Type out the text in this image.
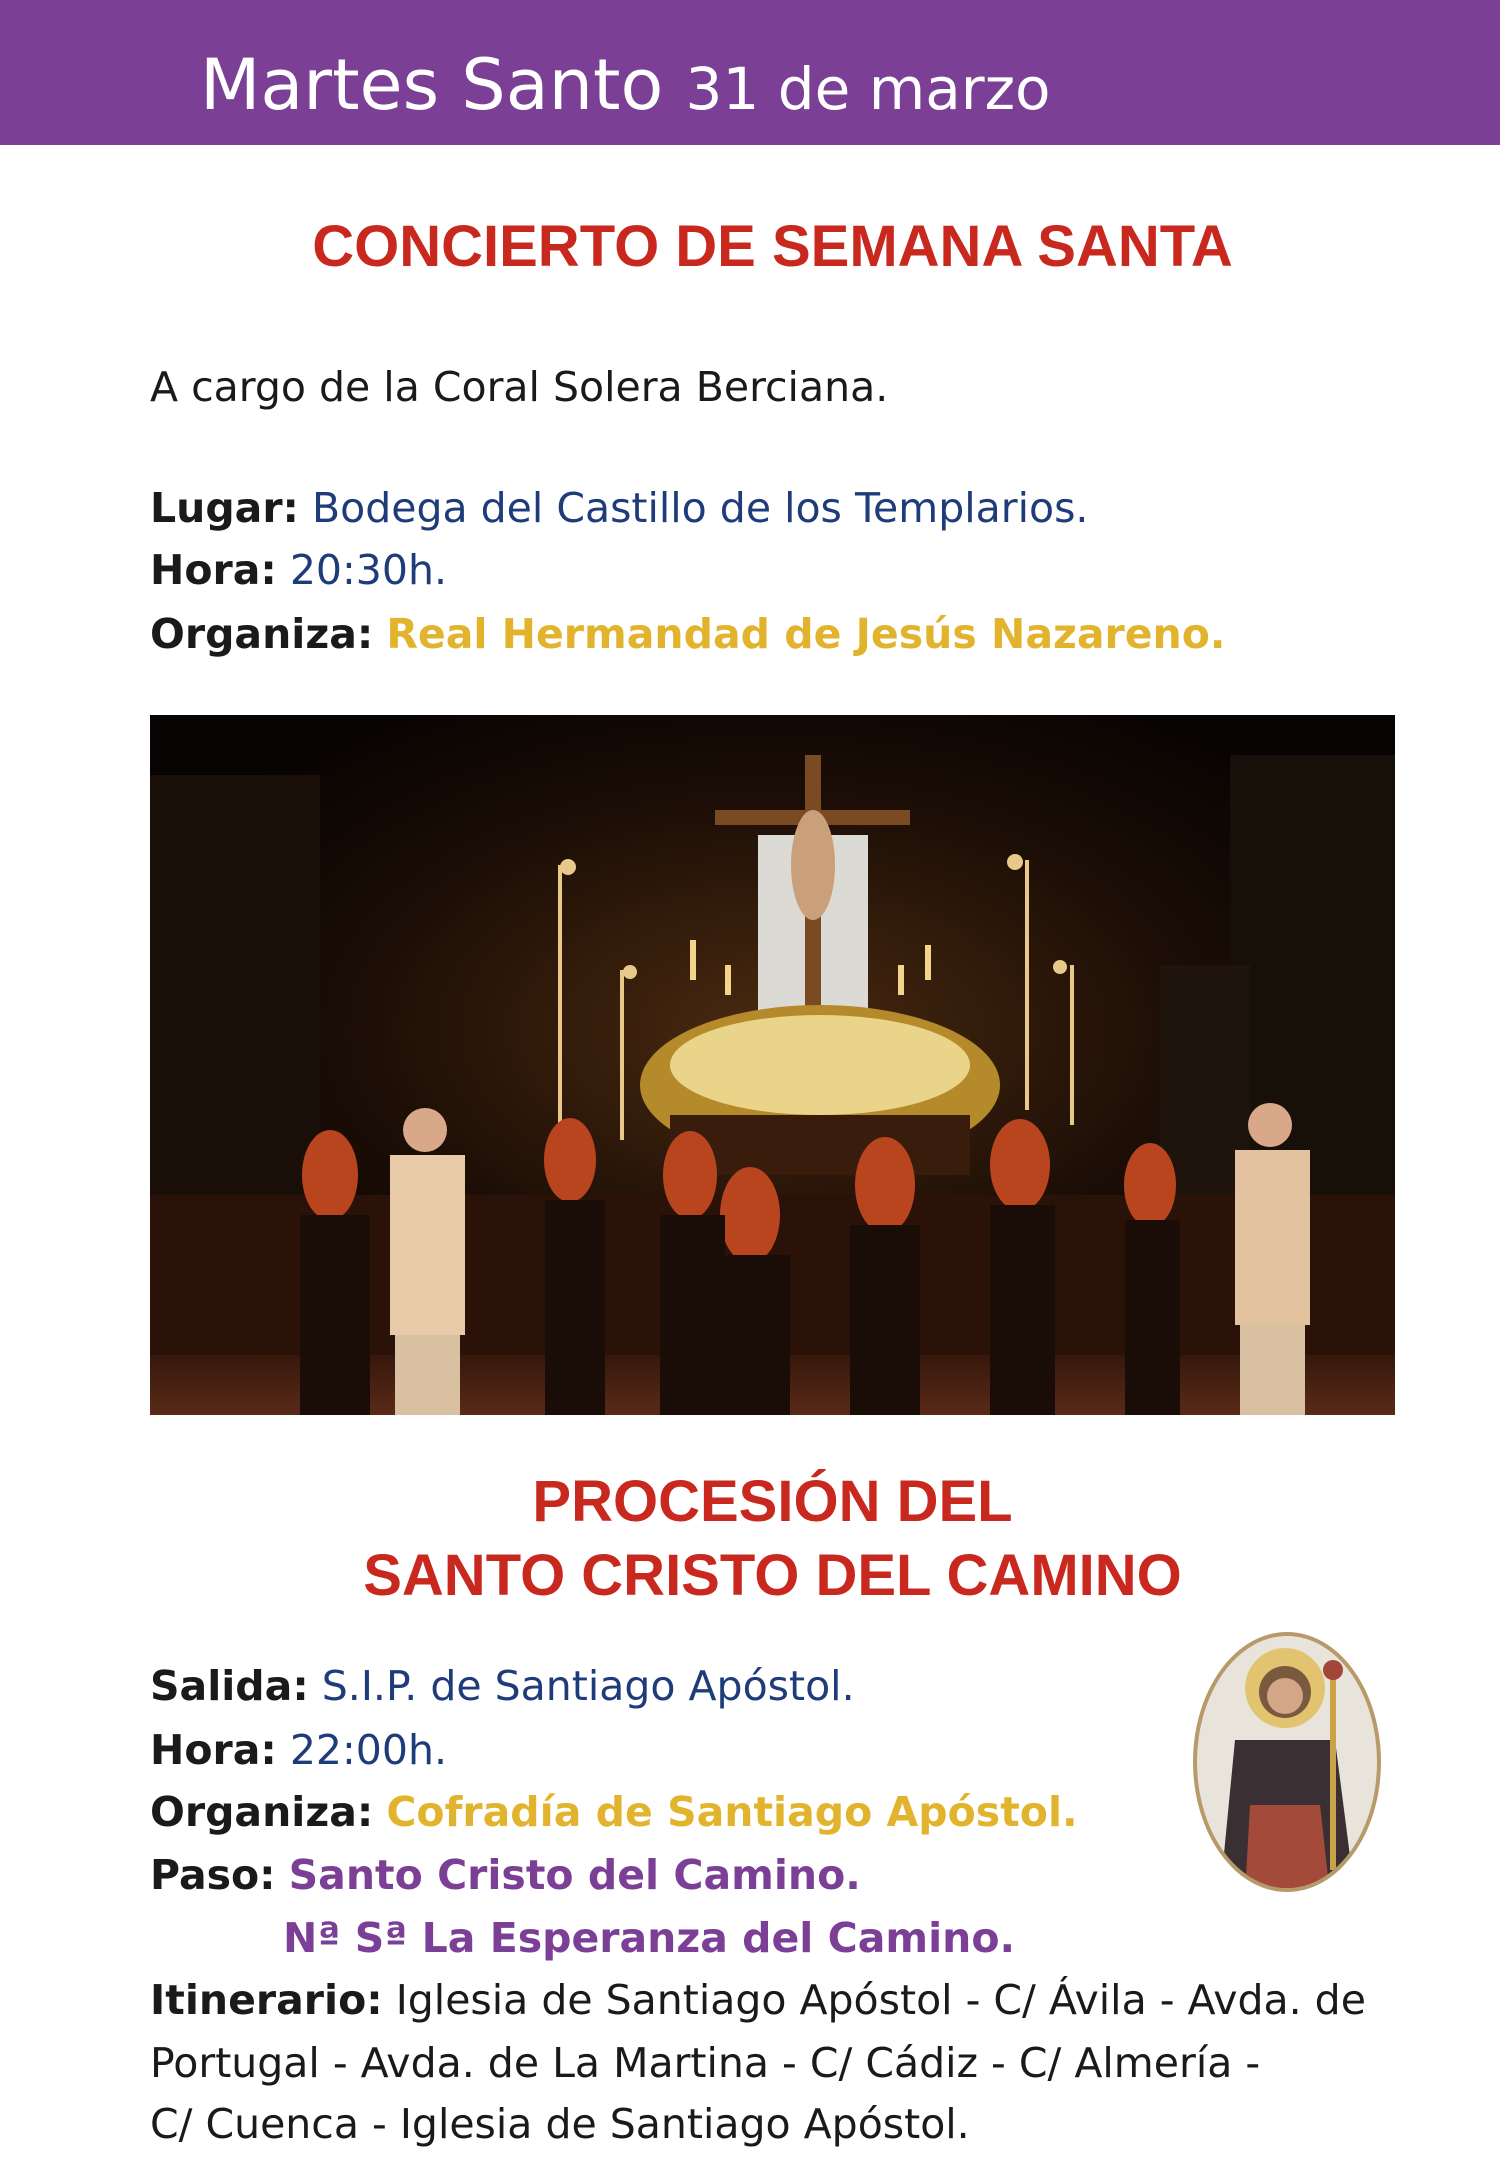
Martes Santo 31 de marzo
CONCIERTO DE SEMANA SANTA
A cargo de la Coral Solera Berciana.
Lugar: Bodega del Castillo de los Templarios.
Hora: 20:30h.
Organiza: Real Hermandad de Jesús Nazareno.
PROCESIÓN DEL
SANTO CRISTO DEL CAMINO
Salida: S.I.P. de Santiago Apóstol.
Hora: 22:00h.
Organiza: Cofradía de Santiago Apóstol.
Paso: Santo Cristo del Camino.
Nª Sª La Esperanza del Camino.
Itinerario: Iglesia de Santiago Apóstol - C/ Ávila - Avda. de
Portugal - Avda. de La Martina - C/ Cádiz - C/ Almería -
C/ Cuenca - Iglesia de Santiago Apóstol.
